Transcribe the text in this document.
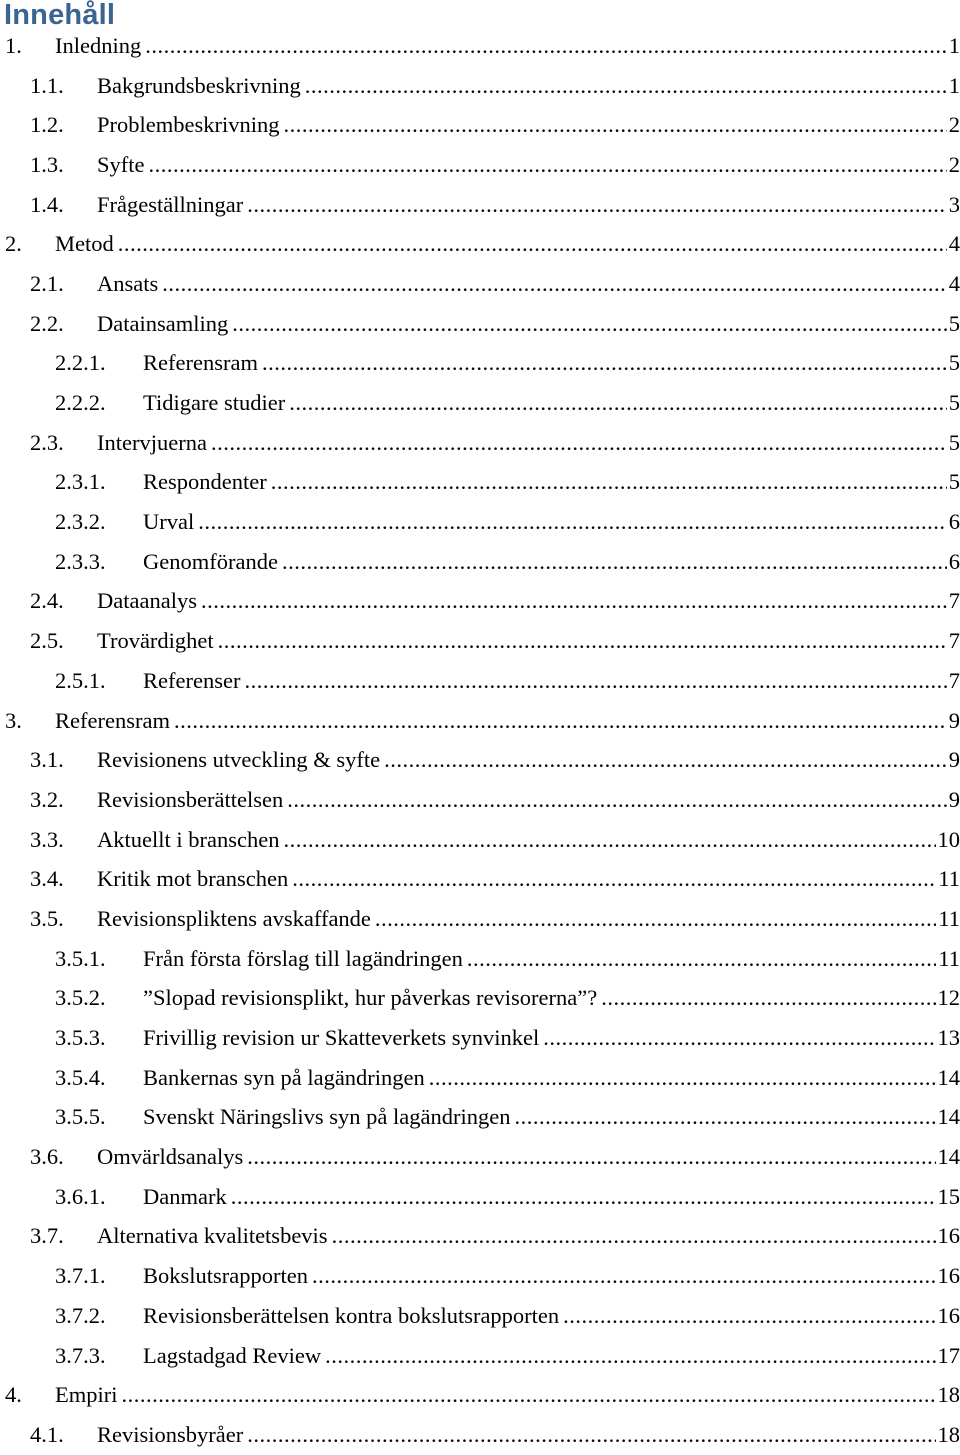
Innehåll
1. Inledning .....	1
1.1. Bakgrundsbeskrivning .....	1
1.2. Problembeskrivning .....	2
1.3. Syfte .....	2
1.4. Frågeställningar .....	3
2. Metod .....	4
2.1. Ansats .....	4
2.2. Datainsamling .....	5
2.2.1. Referensram .....	5
2.2.2. Tidigare studier .....	5
2.3. Intervjuerna .....	5
2.3.1. Respondenter .....	5
2.3.2. Urval .....	6
2.3.3. Genomförande .....	6
2.4. Dataanalys .....	7
2.5. Trovärdighet .....	7
2.5.1. Referenser .....	7
3. Referensram .....	9
3.1. Revisionens utveckling & syfte .....	9
3.2. Revisionsberättelsen .....	9
3.3. Aktuellt i branschen .....	10
3.4. Kritik mot branschen .....	11
3.5. Revisionspliktens avskaffande .....	11
3.5.1. Från första förslag till lagändringen .....	11
3.5.2. ”Slopad revisionsplikt, hur påverkas revisorerna”? .....	12
3.5.3. Frivillig revision ur Skatteverkets synvinkel .....	13
3.5.4. Bankernas syn på lagändringen .....	14
3.5.5. Svenskt Näringslivs syn på lagändringen .....	14
3.6. Omvärldsanalys .....	14
3.6.1. Danmark .....	15
3.7. Alternativa kvalitetsbevis .....	16
3.7.1. Bokslutsrapporten .....	16
3.7.2. Revisionsberättelsen kontra bokslutsrapporten .....	16
3.7.3. Lagstadgad Review .....	17
4. Empiri .....	18
4.1. Revisionsbyråer .....	18
